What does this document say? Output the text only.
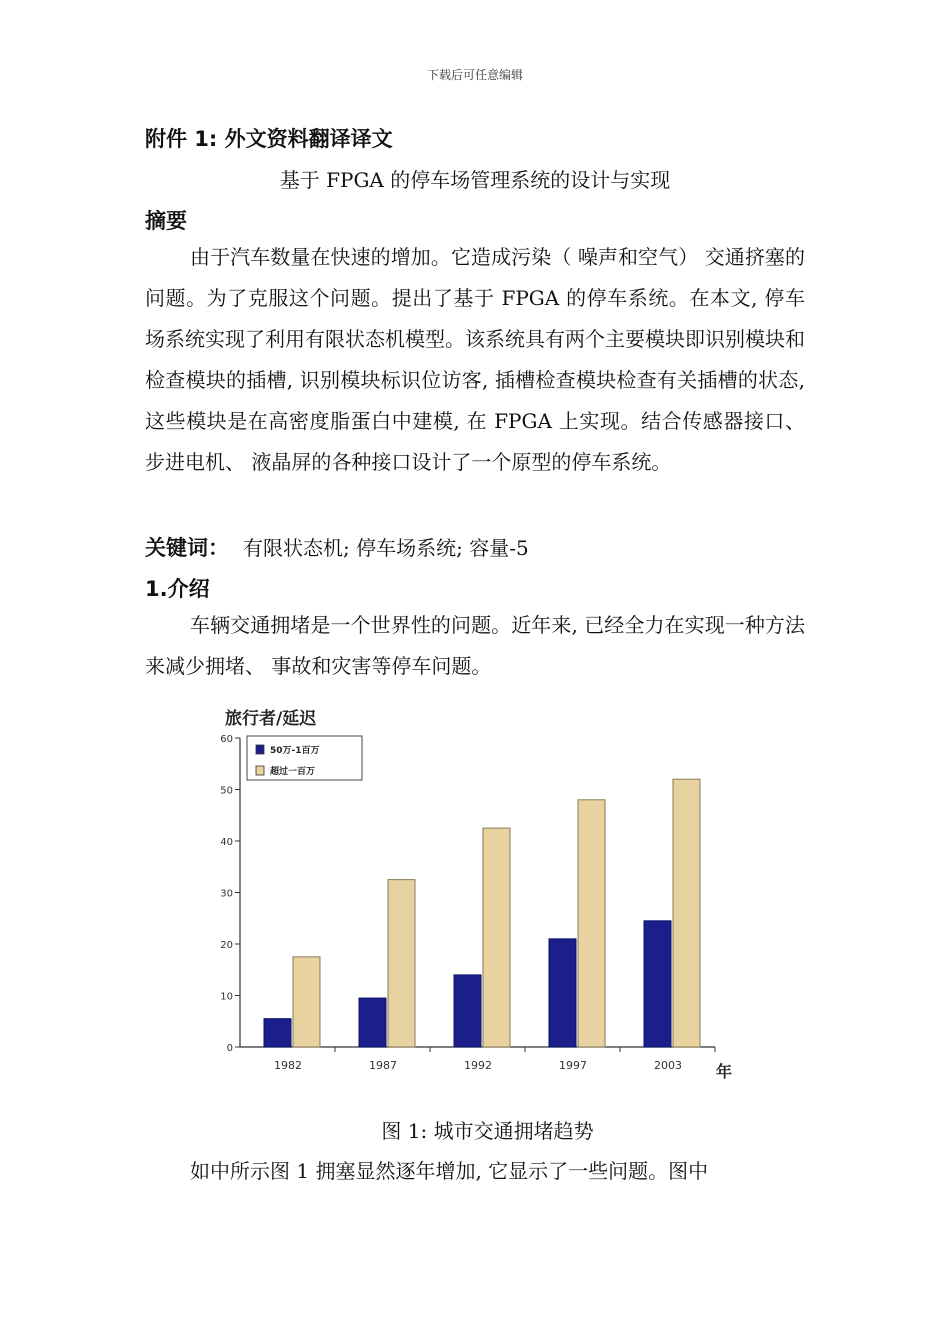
下载后可任意编辑
附件 1: 外文资料翻译译文
基于 FPGA 的停车场管理系统的设计与实现
摘要

由于汽车数量在快速的增加。它造成污染（ 噪声和空气） 交通挤塞的问题。为了克服这个问题。提出了基于 FPGA 的停车系统。在本文, 停车场系统实现了利用有限状态机模型。该系统具有两个主要模块即识别模块和检查模块的插槽, 识别模块标识位访客, 插槽检查模块检查有关插槽的状态, 这些模块是在高密度脂蛋白中建模, 在 FPGA 上实现。结合传感器接口、 步进电机、 液晶屏的各种接口设计了一个原型的停车系统。

关键词： 有限状态机; 停车场系统; 容量-5
1.介绍

车辆交通拥堵是一个世界性的问题。近年来, 已经全力在实现一种方法来减少拥堵、 事故和灾害等停车问题。

旅行者/延迟
0
10
20
30
40
50
60
年
1982	1987	1992	1997	2003
50万-1百万
超过一百万
图 1: 城市交通拥堵趋势
如中所示图 1 拥塞显然逐年增加, 它显示了一些问题。图中
